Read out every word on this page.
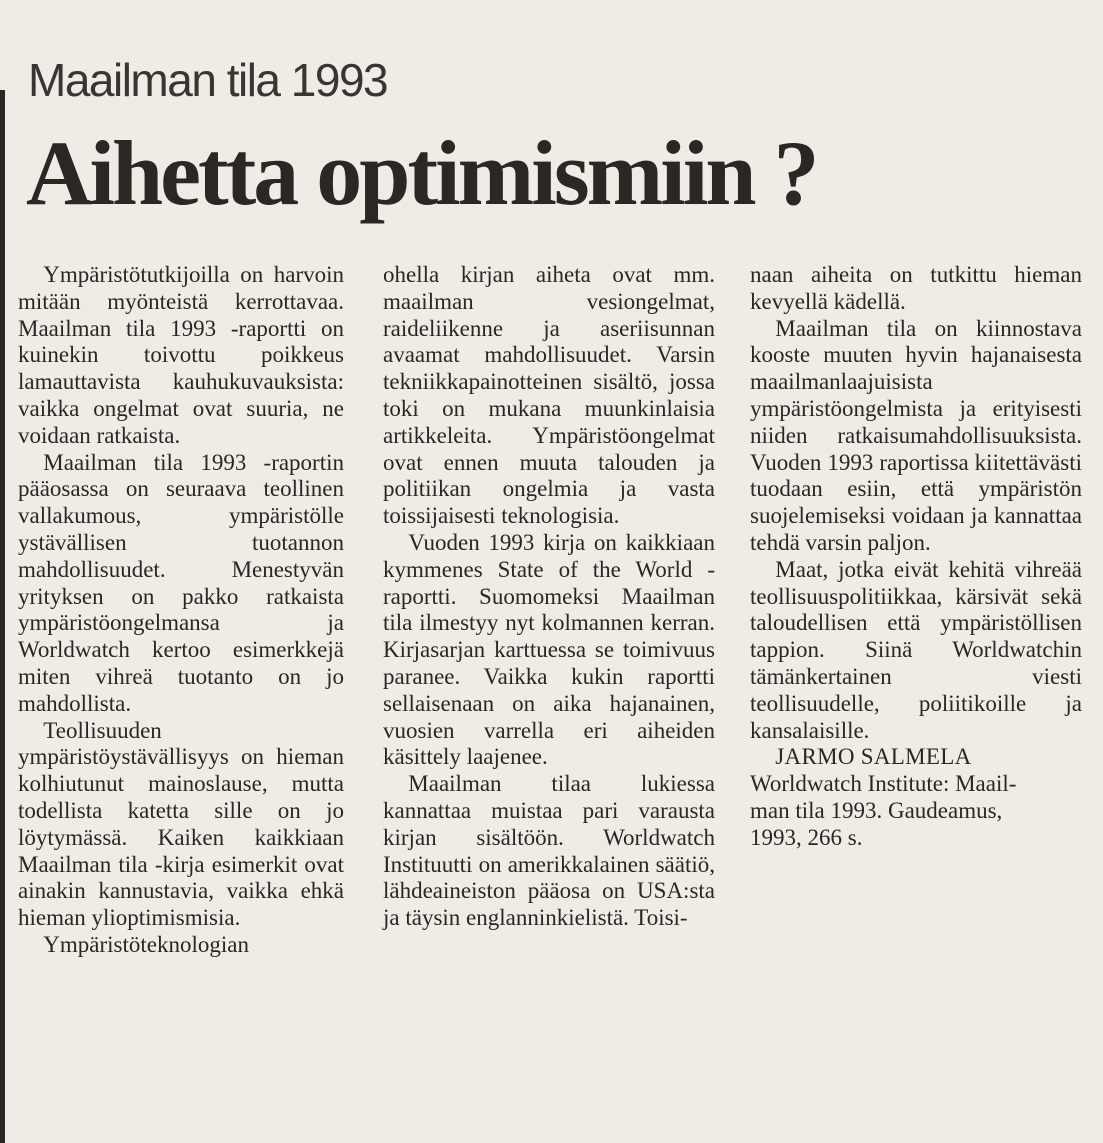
Maailman tila 1993
Aihetta optimismiin ?

Ympäristötutkijoilla on harvoin mitään myönteistä kerrottavaa. Maailman tila 1993 -raportti on kuinekin toivottu poikkeus lamauttavista kauhukuvauksista: vaikka ongelmat ovat suuria, ne voidaan ratkaista.

Maailman tila 1993 -raportin pääosassa on seuraava teollinen vallakumous, ympäristölle ystävällisen tuotannon mahdollisuudet. Menestyvän yrityksen on pakko ratkaista ympäristöongelmansa ja Worldwatch kertoo esimerkkejä miten vihreä tuotanto on jo mahdollista.

Teollisuuden ympäristöystävällisyys on hieman kolhiutunut mainoslause, mutta todellista katetta sille on jo löytymässä. Kaiken kaikkiaan Maailman tila -kirja esimerkit ovat ainakin kannustavia, vaikka ehkä hieman ylioptimismisia.

Ympäristöteknologian

ohella kirjan aiheta ovat mm. maailman vesiongelmat, raideliikenne ja aseriisunnan avaamat mahdollisuudet. Varsin tekniikkapainotteinen sisältö, jossa toki on mukana muunkinlaisia artikkeleita. Ympäristöongelmat ovat ennen muuta talouden ja politiikan ongelmia ja vasta toissijaisesti teknologisia.

Vuoden 1993 kirja on kaikkiaan kymmenes State of the World -raportti. Suomomeksi Maailman tila ilmestyy nyt kolmannen kerran. Kirjasarjan karttuessa se toimivuus paranee. Vaikka kukin raportti sellaisenaan on aika hajanainen, vuosien varrella eri aiheiden käsittely laajenee.

Maailman tilaa lukiessa kannattaa muistaa pari varausta kirjan sisältöön. Worldwatch Instituutti on amerikkalainen säätiö, lähdeaineiston pääosa on USA:sta ja täysin englanninkielistä. Toisi-

naan aiheita on tutkittu hieman kevyellä kädellä.

Maailman tila on kiinnostava kooste muuten hyvin hajanaisesta maailmanlaajuisista ympäristöongelmista ja erityisesti niiden ratkaisumahdollisuuksista. Vuoden 1993 raportissa kiitettävästi tuodaan esiin, että ympäristön suojelemiseksi voidaan ja kannattaa tehdä varsin paljon.

Maat, jotka eivät kehitä vihreää teollisuuspolitiikkaa, kärsivät sekä taloudellisen että ympäristöllisen tappion. Siinä Worldwatchin tämänkertainen viesti teollisuudelle, poliitikoille ja kansalaisille.

JARMO SALMELA

Worldwatch Institute: Maail-
man tila 1993. Gaudeamus,
1993, 266 s.
